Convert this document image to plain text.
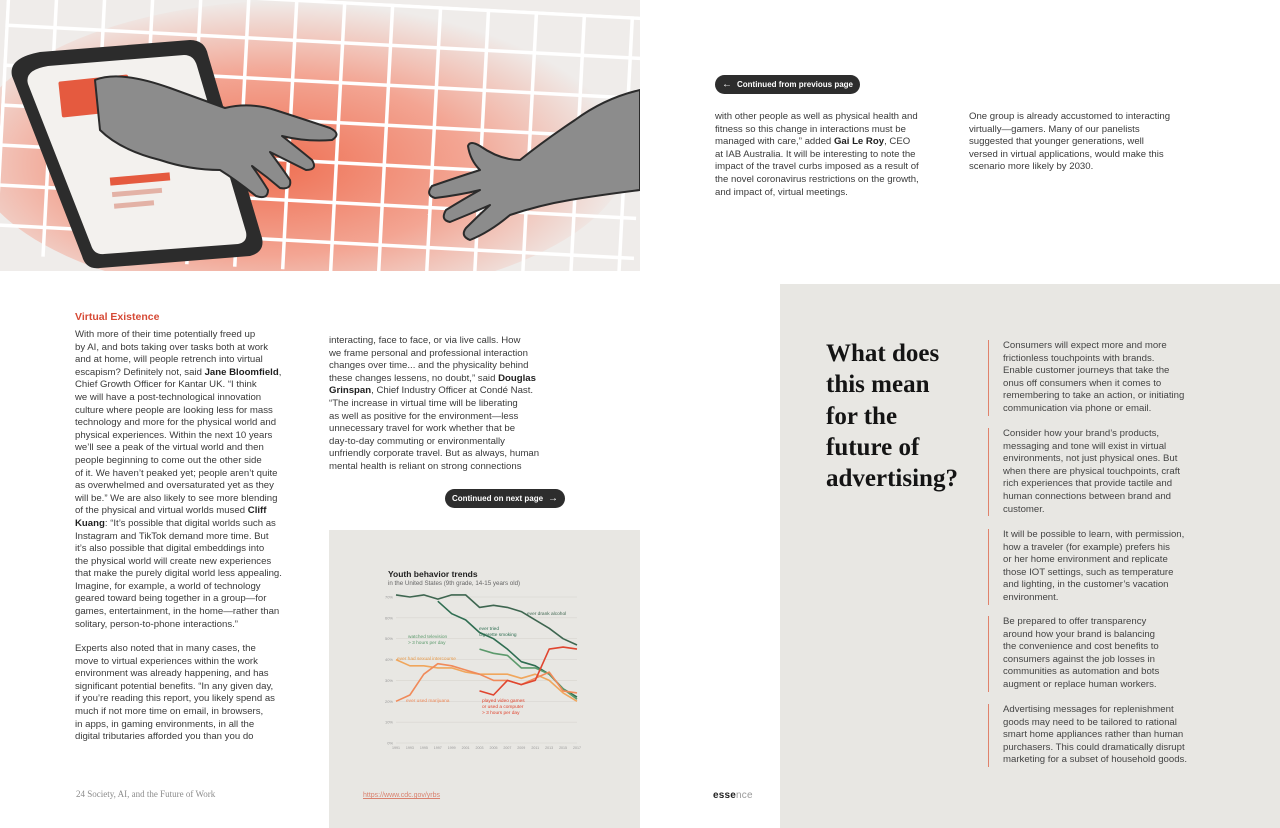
← Continued from previous page
with other people as well as physical health and
fitness so this change in interactions must be
managed with care,” added Gai Le Roy, CEO
at IAB Australia. It will be interesting to note the
impact of the travel curbs imposed as a result of
the novel coronavirus restrictions on the growth,
and impact of, virtual meetings.
One group is already accustomed to interacting
virtually—gamers. Many of our panelists
suggested that younger generations, well
versed in virtual applications, would make this
scenario more likely by 2030.
Virtual Existence
With more of their time potentially freed up
by AI, and bots taking over tasks both at work
and at home, will people retrench into virtual
escapism? Definitely not, said Jane Bloomfield,
Chief Growth Officer for Kantar UK. “I think
we will have a post-technological innovation
culture where people are looking less for mass
technology and more for the physical world and
physical experiences. Within the next 10 years
we’ll see a peak of the virtual world and then
people beginning to come out the other side
of it. We haven’t peaked yet; people aren’t quite
as overwhelmed and oversaturated yet as they
will be.” We are also likely to see more blending
of the physical and virtual worlds mused Cliff
Kuang: “It’s possible that digital worlds such as
Instagram and TikTok demand more time. But
it’s also possible that digital embeddings into
the physical world will create new experiences
that make the purely digital world less appealing.
Imagine, for example, a world of technology
geared toward being together in a group—for
games, entertainment, in the home—rather than
solitary, person-to-phone interactions.”
Experts also noted that in many cases, the
move to virtual experiences within the work
environment was already happening, and has
significant potential benefits. “In any given day,
if you’re reading this report, you likely spend as
much if not more time on email, in browsers,
in apps, in gaming environments, in all the
digital tributaries afforded you than you do
interacting, face to face, or via live calls. How
we frame personal and professional interaction
changes over time... and the physicality behind
these changes lessens, no doubt,” said Douglas
Grinspan, Chief Industry Officer at Condé Nast.
“The increase in virtual time will be liberating
as well as positive for the environment—less
unnecessary travel for work whether that be
day-to-day commuting or environmentally
unfriendly corporate travel. But as always, human
mental health is reliant on strong connections
Continued on next page →
Youth behavior trends
in the United States (9th grade, 14-15 years old)
0%
10%
20%
30%
40%
50%
60%
70%
1991 1993 1995 1997 1999 2001 2003 2005 2007 2009 2011 2013 2015 2017
ever drank alcohol
ever tried
cigarette smoking
watched television
> 3 hours per day
ever had sexual intercourse
ever used marijuana	played video games
or used a computer
> 3 hours per day
24 Society, AI, and the Future of Work	https://www.cdc.gov/yrbs	essence
What does
this mean
for the
future of
advertising?
Consumers will expect more and more
frictionless touchpoints with brands.
Enable customer journeys that take the
onus off consumers when it comes to
remembering to take an action, or initiating
communication via phone or email.
Consider how your brand’s products,
messaging and tone will exist in virtual
environments, not just physical ones. But
when there are physical touchpoints, craft
rich experiences that provide tactile and
human connections between brand and
customer.
It will be possible to learn, with permission,
how a traveler (for example) prefers his
or her home environment and replicate
those IOT settings, such as temperature
and lighting, in the customer’s vacation
environment.
Be prepared to offer transparency
around how your brand is balancing
the convenience and cost benefits to
consumers against the job losses in
communities as automation and bots
augment or replace human workers.
Advertising messages for replenishment
goods may need to be tailored to rational
smart home appliances rather than human
purchasers. This could dramatically disrupt
marketing for a subset of household goods.
